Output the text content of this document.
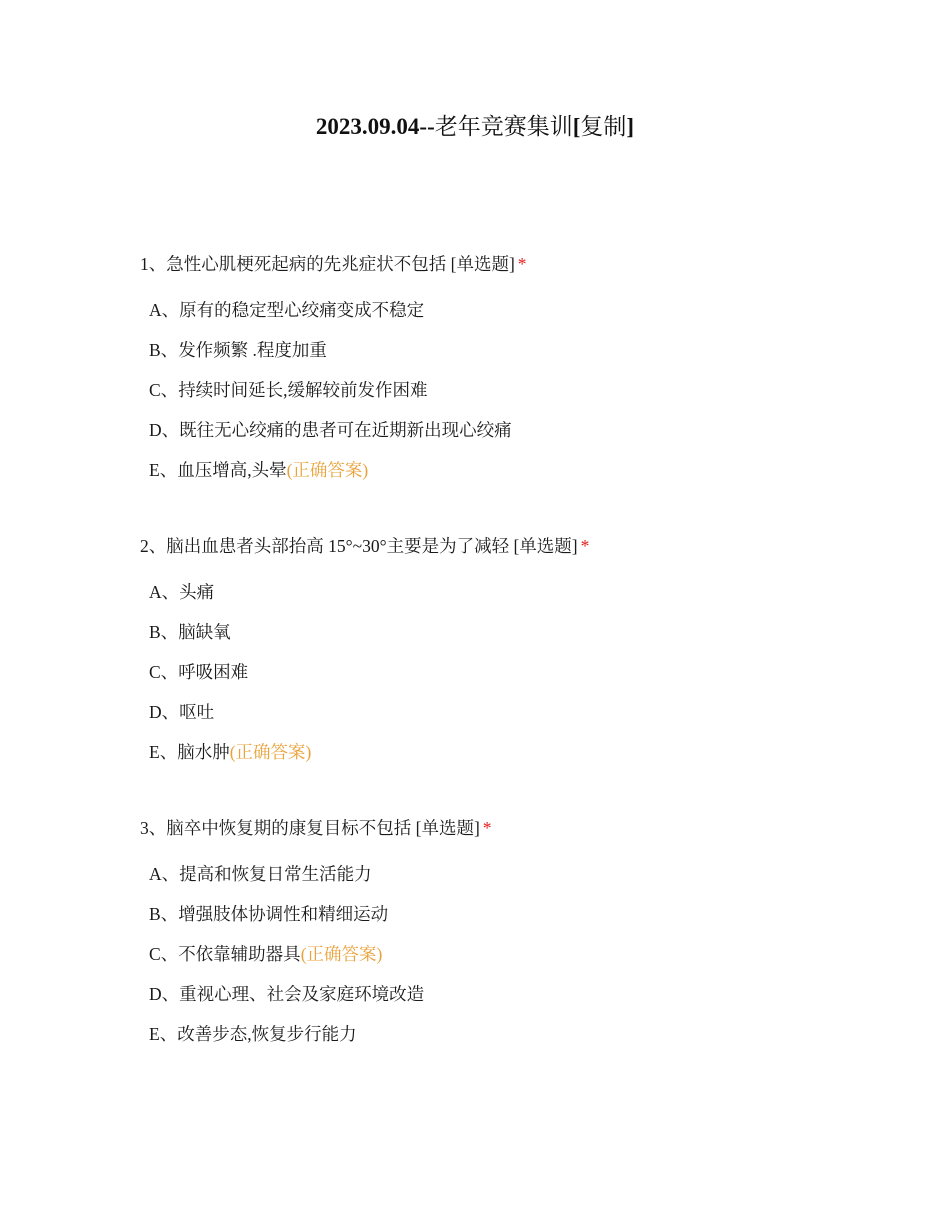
2023.09.04--老年竞赛集训[复制]
1、急性心肌梗死起病的先兆症状不包括 [单选题] *
A、原有的稳定型心绞痛变成不稳定
B、发作频繁 .程度加重
C、持续时间延长,缓解较前发作困难
D、既往无心绞痛的患者可在近期新出现心绞痛
E、血压增高,头晕(正确答案)
2、脑出血患者头部抬高 15°~30°主要是为了减轻 [单选题] *
A、头痛
B、脑缺氧
C、呼吸困难
D、呕吐
E、脑水肿(正确答案)
3、脑卒中恢复期的康复目标不包括 [单选题] *
A、提高和恢复日常生活能力
B、增强肢体协调性和精细运动
C、不依靠辅助器具(正确答案)
D、重视心理、社会及家庭环境改造
E、改善步态,恢复步行能力
